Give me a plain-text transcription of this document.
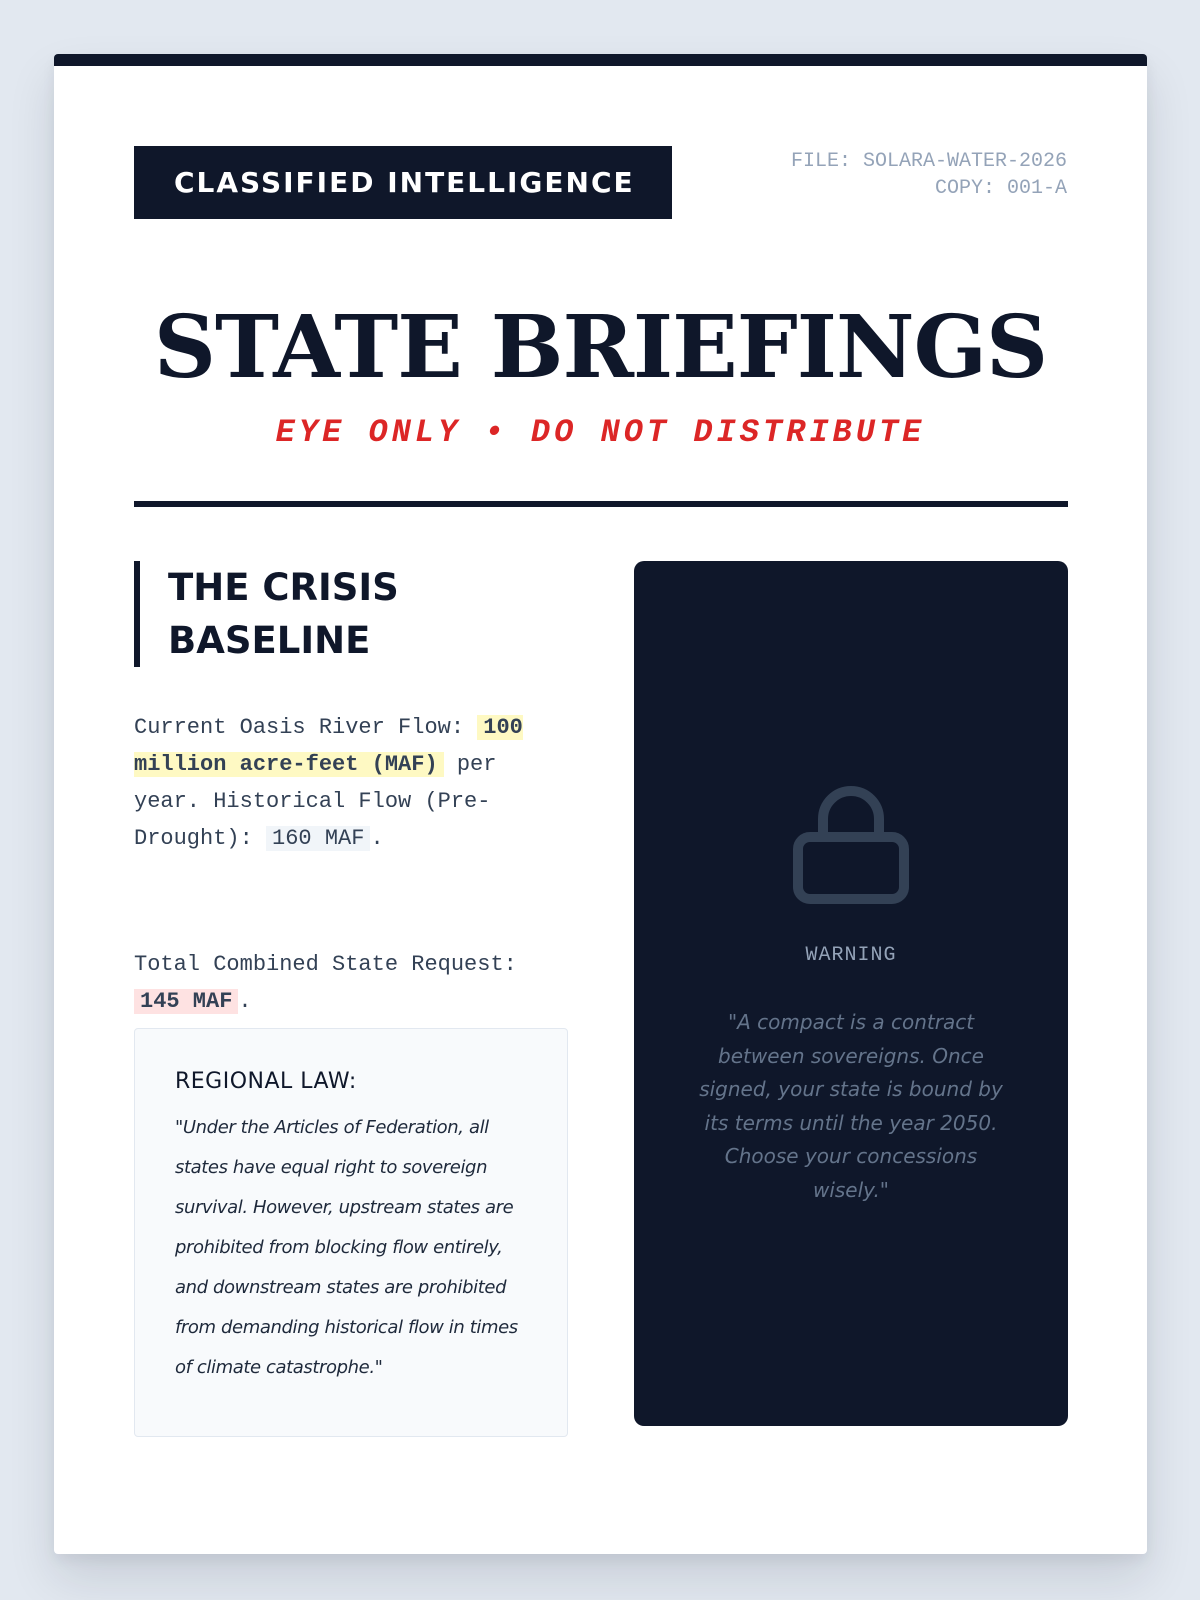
CLASSIFIED INTELLIGENCE
FILE: SOLARA-WATER-2026
COPY: 001-A
STATE BRIEFINGS
EYE ONLY • DO NOT DISTRIBUTE
THE CRISIS
BASELINE

Current Oasis River Flow: 100 million acre-feet (MAF) per year. Historical Flow (Pre-Drought): 160 MAF .

Total Combined State Request: 145 MAF .

REGIONAL LAW:
"Under the Articles of Federation, all states have equal right to sovereign survival. However, upstream states are prohibited from blocking flow entirely, and downstream states are prohibited from demanding historical flow in times of climate catastrophe."
WARNING
"A compact is a contract between sovereigns. Once signed, your state is bound by its terms until the year 2050. Choose your concessions wisely."
